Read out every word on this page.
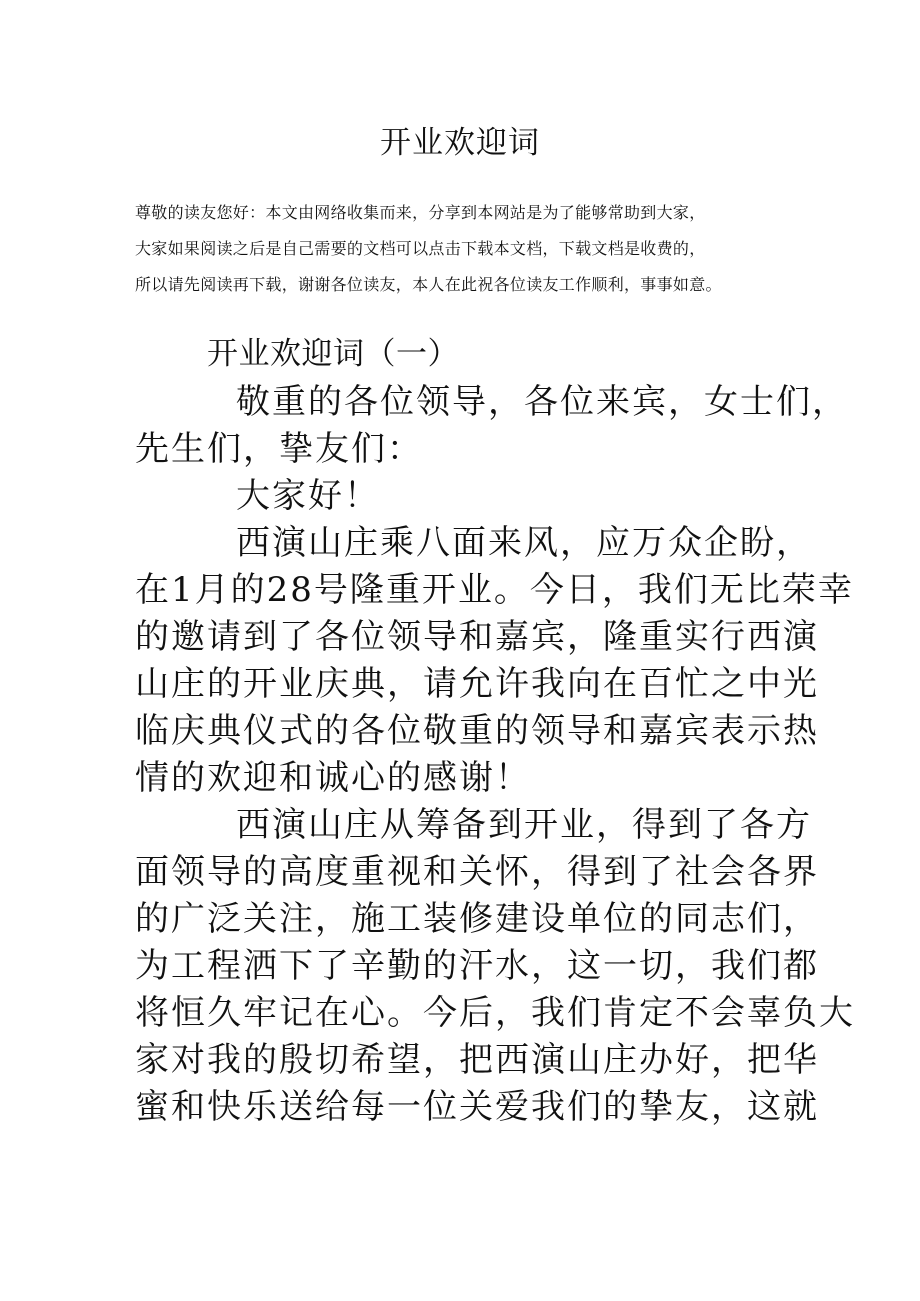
开业欢迎词
尊敬的读友您好：本文由网络收集而来，分享到本网站是为了能够常助到大家，
大家如果阅读之后是自己需要的文档可以点击下载本文档，下载文档是收费的，
所以请先阅读再下载，谢谢各位读友，本人在此祝各位读友工作顺利，事事如意。
开业欢迎词（一）
敬重的各位领导，各位来宾，女士们，
先生们，挚友们：
大家好！
西演山庄乘八面来风，应万众企盼，
在1月的28号隆重开业。今日，我们无比荣幸
的邀请到了各位领导和嘉宾，隆重实行西演
山庄的开业庆典，请允许我向在百忙之中光
临庆典仪式的各位敬重的领导和嘉宾表示热
情的欢迎和诚心的感谢！
西演山庄从筹备到开业，得到了各方
面领导的高度重视和关怀，得到了社会各界
的广泛关注，施工装修建设单位的同志们，
为工程洒下了辛勤的汗水，这一切，我们都
将恒久牢记在心。今后，我们肯定不会辜负大
家对我的殷切希望，把西演山庄办好，把华
蜜和快乐送给每一位关爱我们的挚友，这就
